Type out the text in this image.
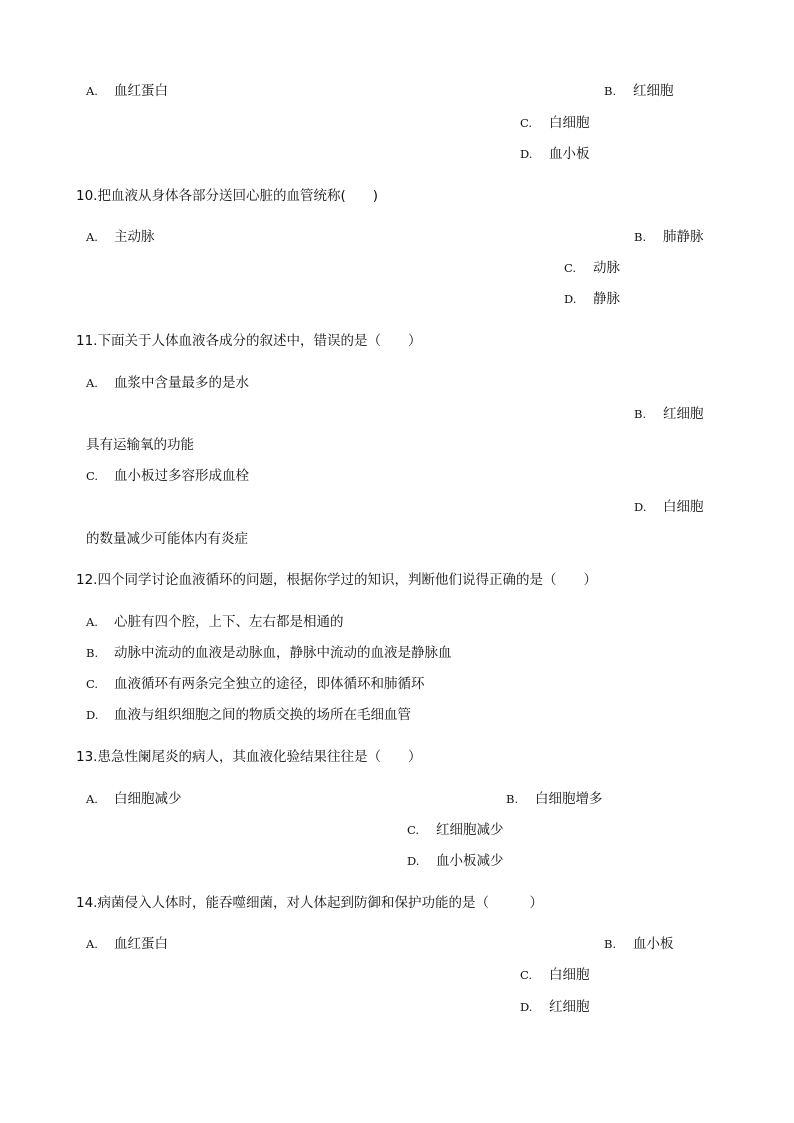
A. 血红蛋白	B. 红细胞
C. 白细胞
D. 血小板
10.把血液从身体各部分送回心脏的血管统称(　　)
A. 主动脉	B. 肺静脉
C. 动脉
D. 静脉
11.下面关于人体血液各成分的叙述中，错误的是（　　）
A. 血浆中含量最多的是水
B. 红细胞
具有运输氧的功能
C. 血小板过多容形成血栓
D. 白细胞
的数量减少可能体内有炎症
12.四个同学讨论血液循环的问题，根据你学过的知识，判断他们说得正确的是（　　）
A. 心脏有四个腔，上下、左右都是相通的
B. 动脉中流动的血液是动脉血，静脉中流动的血液是静脉血
C. 血液循环有两条完全独立的途径，即体循环和肺循环
D. 血液与组织细胞之间的物质交换的场所在毛细血管
13.患急性阑尾炎的病人，其血液化验结果往往是（　　）
A. 白细胞减少	B. 白细胞增多
C. 红细胞减少
D. 血小板减少
14.病菌侵入人体时，能吞噬细菌，对人体起到防御和保护功能的是（　　　）
A. 血红蛋白	B. 血小板
C. 白细胞
D. 红细胞
